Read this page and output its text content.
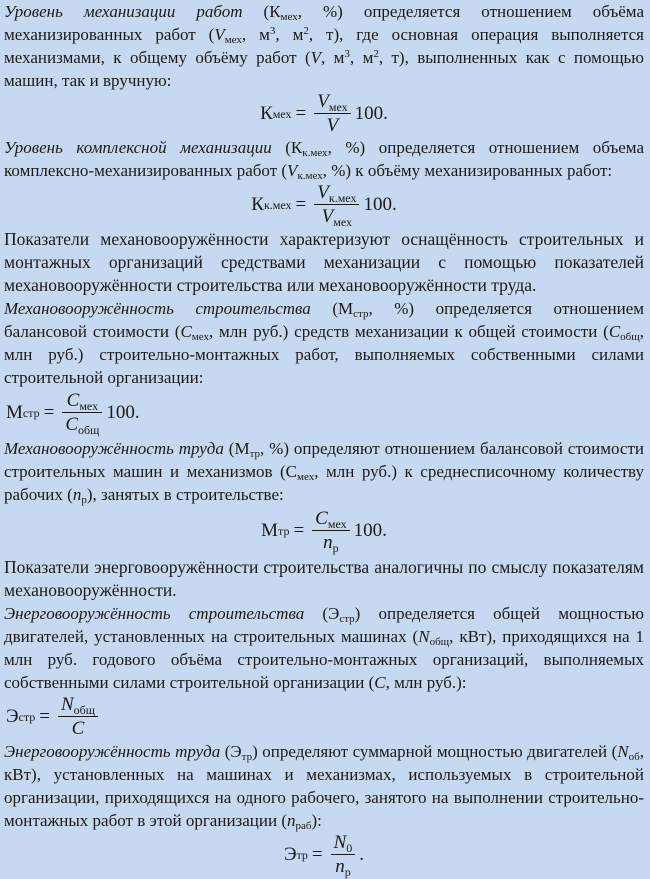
Уровень механизации работ ($К_{мех}$, %) определяется отношением объёма механизированных работ ($V_{мех}$, $м^3$, $м^2$, т), где основная операция выполняется механизмами, к общему объёму работ (V, $м^3$, $м^2$, т), выполненных как с помощью машин, так и вручную:

К мех = $\frac{V_{мех}}{V} 100$.

Уровень комплексной механизации ($К_{к.мех}$, %) определяется отношением объема комплексно-механизированных работ ($V_{к.мех}$, %) к объёму механизированных работ:

К $к.мех = \frac{V_{к.мех}}{V_{мех}} 100$.

Показатели механовооружённости характеризуют оснащённость строительных и монтажных организаций средствами механизации с помощью показателей механовооружённости строительства или механовооружённости труда.

Механовооружённость строительства ($М_{стр}$, %) определяется отношением балансовой стоимости ($С_{мех}$, млн руб.) средств механизации к общей стоимости ($С_{общ}$, млн руб.) строительно-монтажных работ, выполняемых собственными силами строительной организации:

М стр = $\frac{С_{мех}}{С_{общ}} 100$.

Механовооружённость труда ($М_{тр}$, %) определяют отношением балансовой стоимости строительных машин и механизмов ($С_{мех}$, млн руб.) к среднесписочному количеству рабочих $(n_р)$, занятых в строительстве:

М тр = $\frac{С_{мех}}{n_р} 100$.

Показатели энерговооружённости строительства аналогичны по смыслу показателям механовооружённости.

Энерговооружённость строительства $(Э_{стр})$ определяется общей мощностью двигателей, установленных на строительных машинах ($N_{общ}$, кВт), приходящихся на 1 млн руб. годового объёма строительно-монтажных организаций, выполняемых собственными силами строительной организации (С, млн руб.):

Э стр = $\frac{N_{общ}}{С}$

Энерговооружённость труда $(Э_{тр})$ определяют суммарной мощностью двигателей ($N_{об}$, кВт), установленных на машинах и механизмах, используемых в строительной организации, приходящихся на одного рабочего, занятого на выполнении строительно-монтажных работ в этой организации $(n_{раб})$:

Э тр = $\frac{N_0}{n_р}$ .
